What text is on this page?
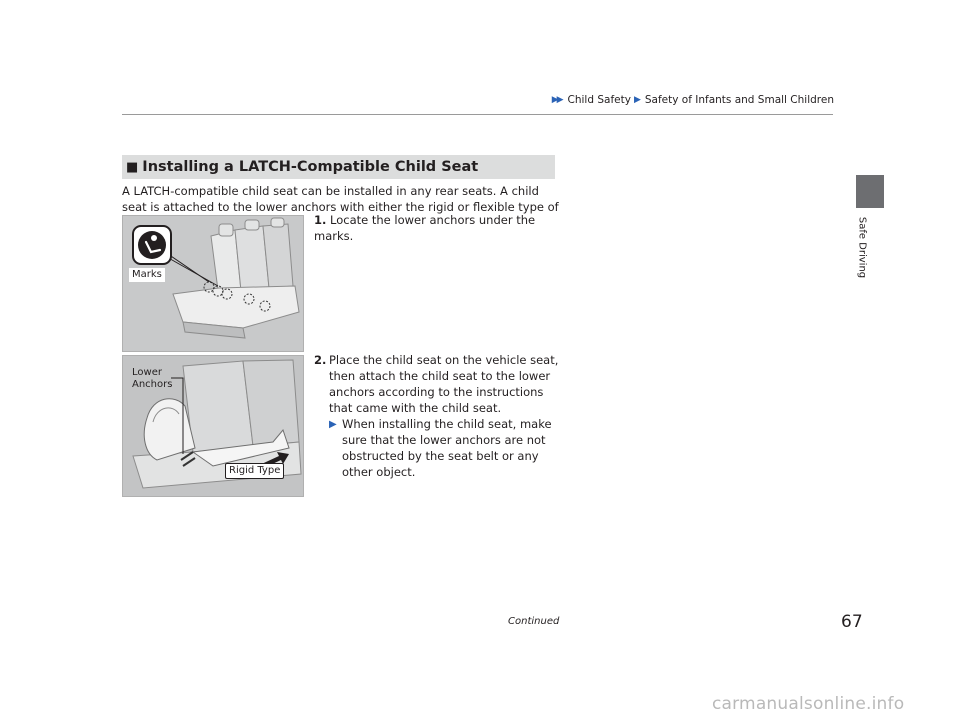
▶▶ Child Safety ▶ Safety of Infants and Small Children
Safe Driving
■ Installing a LATCH-Compatible Child Seat
A LATCH-compatible child seat can be installed in any rear seats. A child seat is attached to the lower anchors with either the rigid or flexible type of
Marks
1. Locate the lower anchors under the marks.
Lower
Anchors
Rigid Type
2. Place the child seat on the vehicle seat, then attach the child seat to the lower anchors according to the instructions that came with the child seat.
▶ When installing the child seat, make sure that the lower anchors are not obstructed by the seat belt or any other object.
Continued	67
carmanualsonline.info
